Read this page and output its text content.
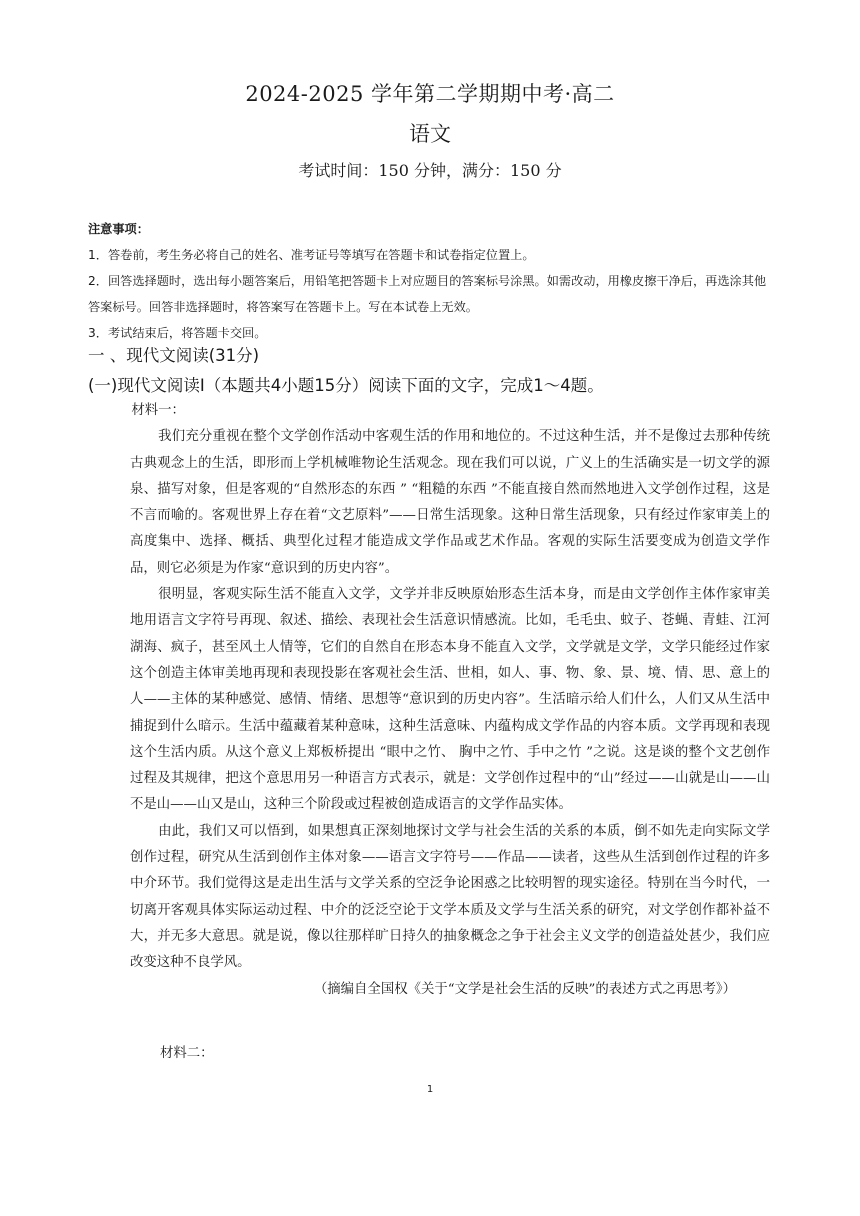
2024-2025 学年第二学期期中考·高二
语文
考试时间：150 分钟，满分：150 分

注意事项：

1．答卷前，考生务必将自己的姓名、准考证号等填写在答题卡和试卷指定位置上。

2．回答选择题时，选出每小题答案后，用铅笔把答题卡上对应题目的答案标号涂黑。如需改动，用橡皮擦干净后，再选涂其他答案标号。回答非选择题时，将答案写在答题卡上。写在本试卷上无效。

3．考试结束后，将答题卡交回。

一 、现代文阅读(31分)
(一)现代文阅读Ⅰ（本题共4小题15分）阅读下面的文字，完成1～4题。

材料一：

我们充分重视在整个文学创作活动中客观生活的作用和地位的。不过这种生活，并不是像过去那种传统古典观念上的生活，即形而上学机械唯物论生活观念。现在我们可以说，广义上的生活确实是一切文学的源泉、描写对象，但是客观的“自然形态的东西 ” “粗糙的东西 ”不能直接自然而然地进入文学创作过程，这是不言而喻的。客观世界上存在着“文艺原料”——日常生活现象。这种日常生活现象，只有经过作家审美上的高度集中、选择、概括、典型化过程才能造成文学作品或艺术作品。客观的实际生活要变成为创造文学作品，则它必须是为作家“意识到的历史内容”。

很明显，客观实际生活不能直入文学，文学并非反映原始形态生活本身，而是由文学创作主体作家审美地用语言文字符号再现、叙述、描绘、表现社会生活意识情感流。比如，毛毛虫、蚊子、苍蝇、青蛙、江河湖海、疯子，甚至风土人情等，它们的自然自在形态本身不能直入文学，文学就是文学，文学只能经过作家这个创造主体审美地再现和表现投影在客观社会生活、世相，如人、事、物、象、景、境、情、思、意上的人——主体的某种感觉、感情、情绪、思想等“意识到的历史内容”。生活暗示给人们什么，人们又从生活中捕捉到什么暗示。生活中蕴藏着某种意味，这种生活意味、内蕴构成文学作品的内容本质。文学再现和表现这个生活内质。从这个意义上郑板桥提出 “眼中之竹、 胸中之竹、手中之竹 ”之说。这是谈的整个文艺创作过程及其规律，把这个意思用另一种语言方式表示，就是：文学创作过程中的“山”经过——山就是山——山不是山——山又是山，这种三个阶段或过程被创造成语言的文学作品实体。

由此，我们又可以悟到，如果想真正深刻地探讨文学与社会生活的关系的本质，倒不如先走向实际文学创作过程，研究从生活到创作主体对象——语言文字符号——作品——读者，这些从生活到创作过程的许多中介环节。我们觉得这是走出生活与文学关系的空泛争论困惑之比较明智的现实途径。特别在当今时代，一切离开客观具体实际运动过程、中介的泛泛空论于文学本质及文学与生活关系的研究，对文学创作都补益不大，并无多大意思。就是说，像以往那样旷日持久的抽象概念之争于社会主义文学的创造益处甚少，我们应改变这种不良学风。

（摘编自全国权《关于“文学是社会生活的反映”的表述方式之再思考》）

材料二：
1
